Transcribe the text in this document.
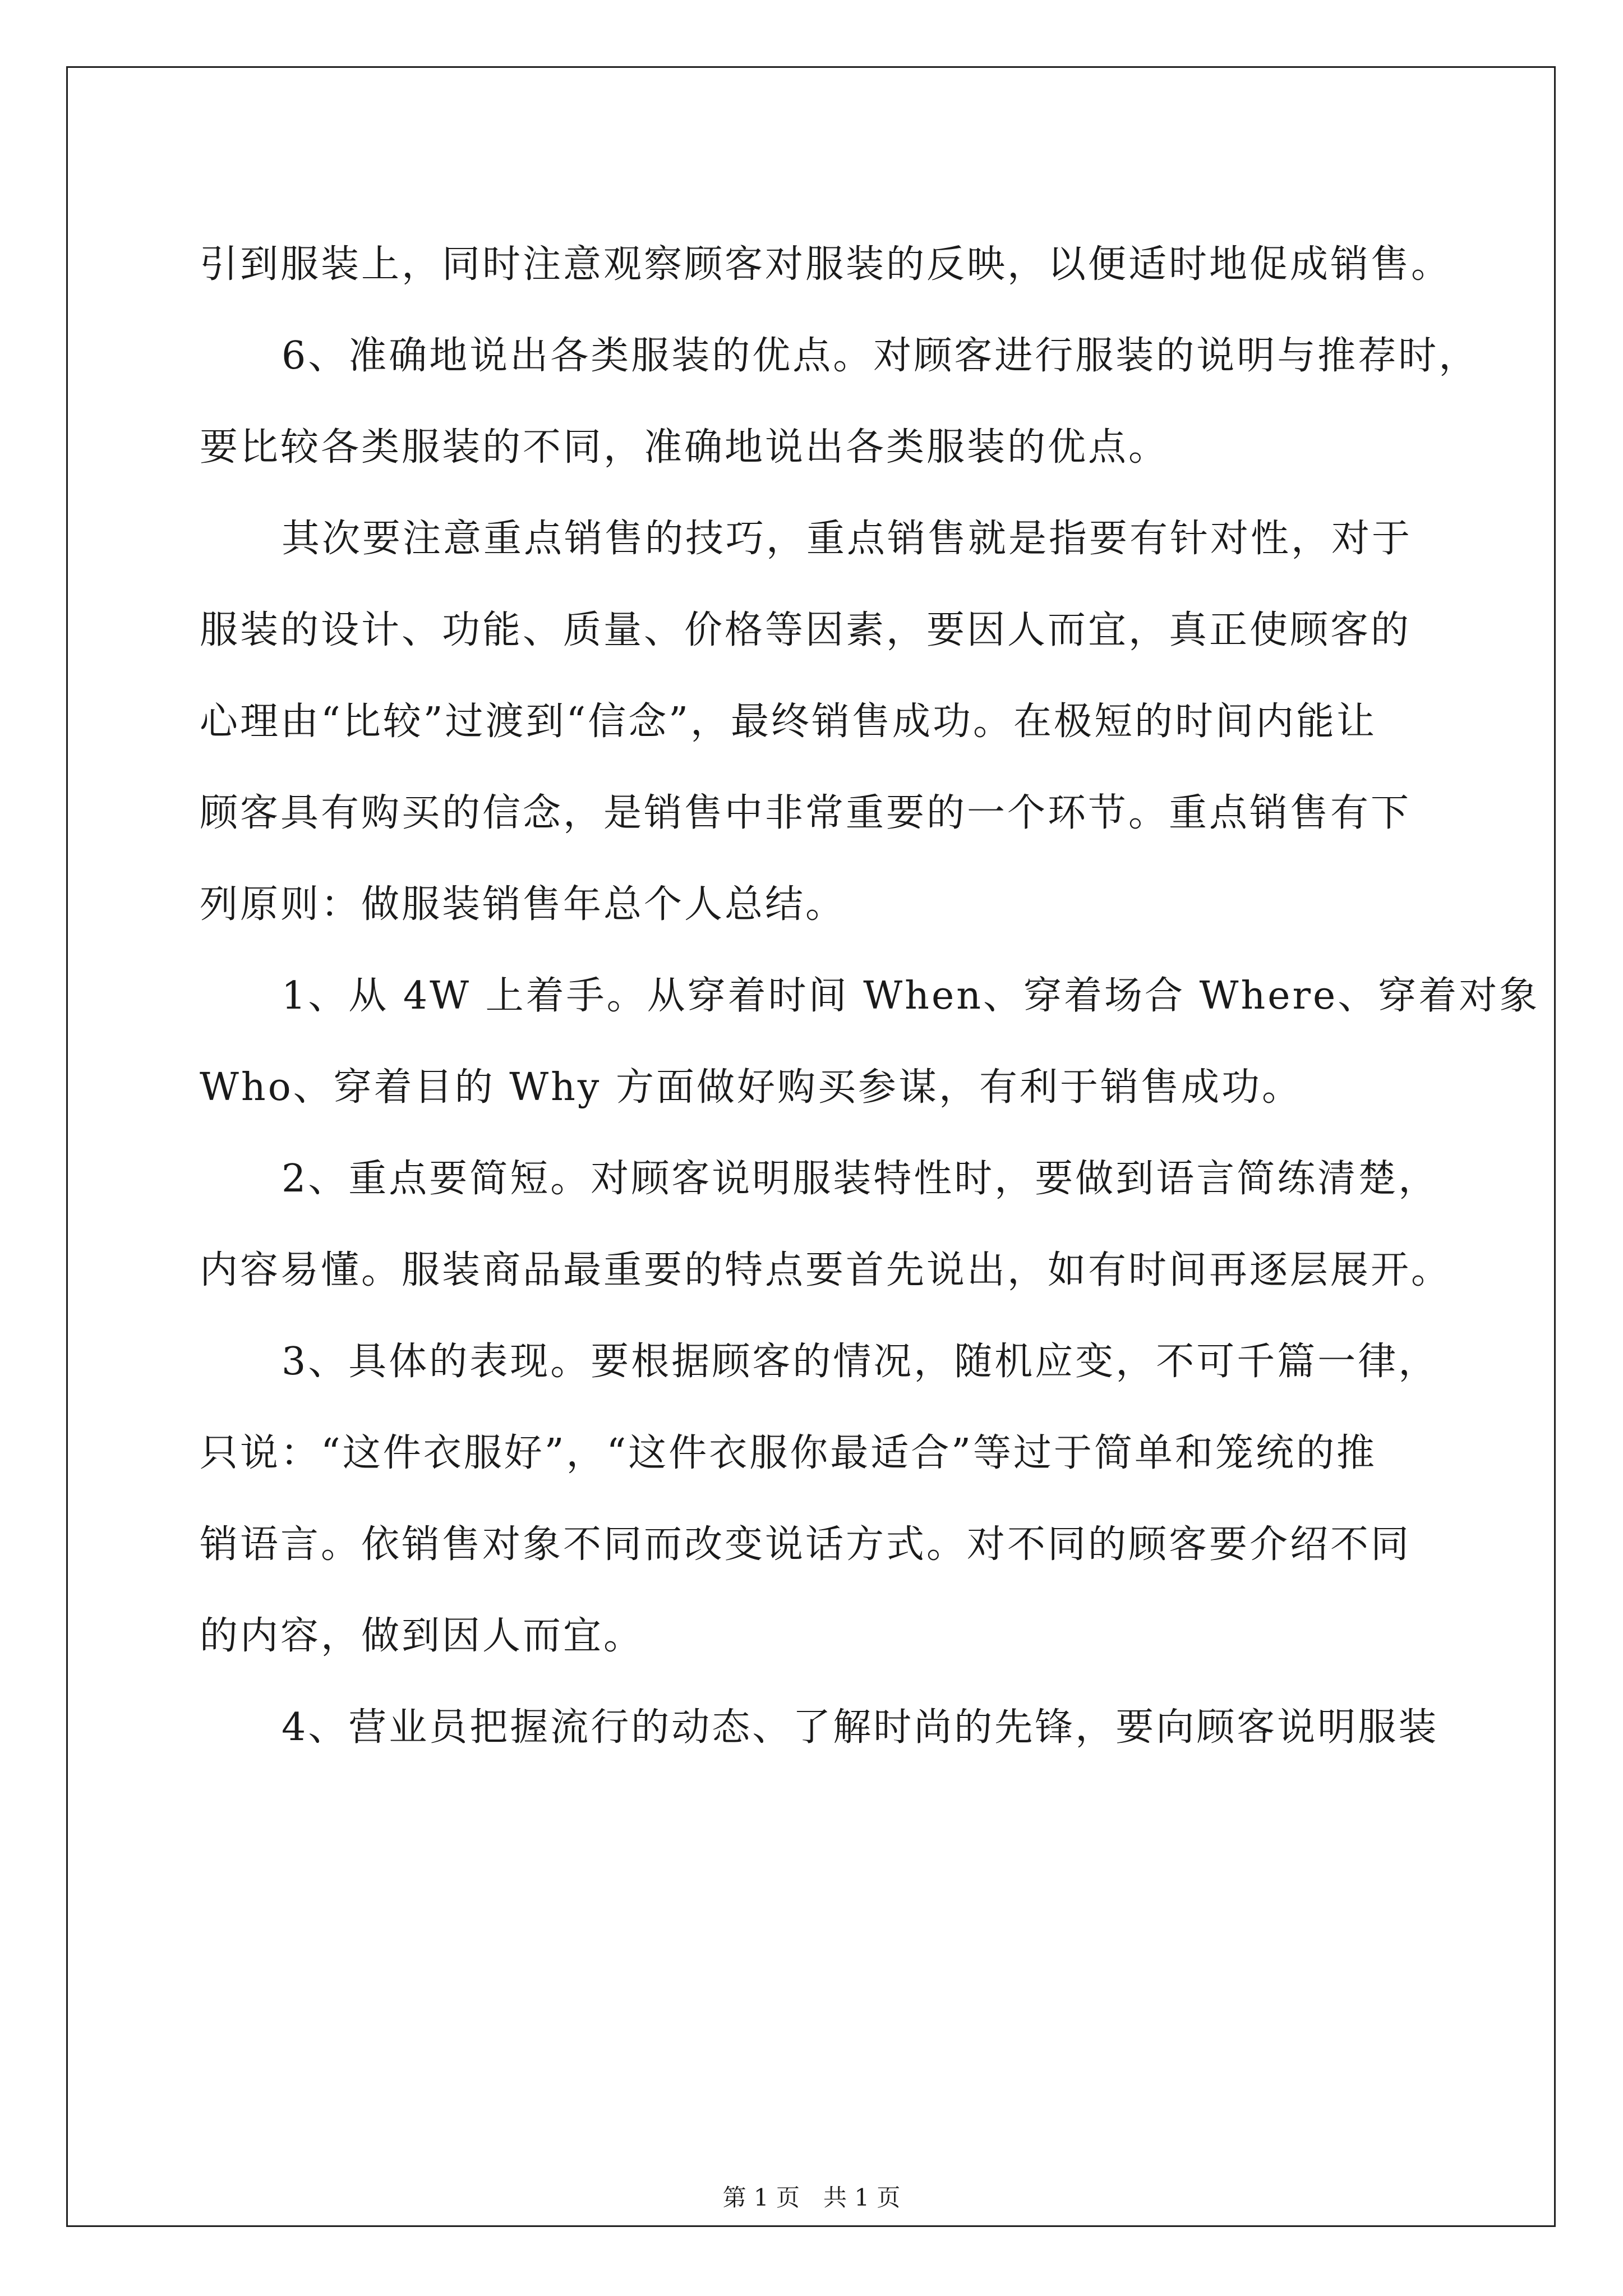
引到服装上，同时注意观察顾客对服装的反映，以便适时地促成销售。
6、准确地说出各类服装的优点。对顾客进行服装的说明与推荐时，
要比较各类服装的不同，准确地说出各类服装的优点。
其次要注意重点销售的技巧，重点销售就是指要有针对性，对于
服装的设计、功能、质量、价格等因素，要因人而宜，真正使顾客的
心理由“比较”过渡到“信念”，最终销售成功。在极短的时间内能让
顾客具有购买的信念，是销售中非常重要的一个环节。重点销售有下
列原则：做服装销售年总个人总结。
1、从 4W 上着手。从穿着时间 When、穿着场合 Where、穿着对象
Who、穿着目的 Why 方面做好购买参谋，有利于销售成功。
2、重点要简短。对顾客说明服装特性时，要做到语言简练清楚，
内容易懂。服装商品最重要的特点要首先说出，如有时间再逐层展开。
3、具体的表现。要根据顾客的情况，随机应变，不可千篇一律，
只说：“这件衣服好”，“这件衣服你最适合”等过于简单和笼统的推
销语言。依销售对象不同而改变说话方式。对不同的顾客要介绍不同
的内容，做到因人而宜。
4、营业员把握流行的动态、了解时尚的先锋，要向顾客说明服装
第 1 页　共 1 页
